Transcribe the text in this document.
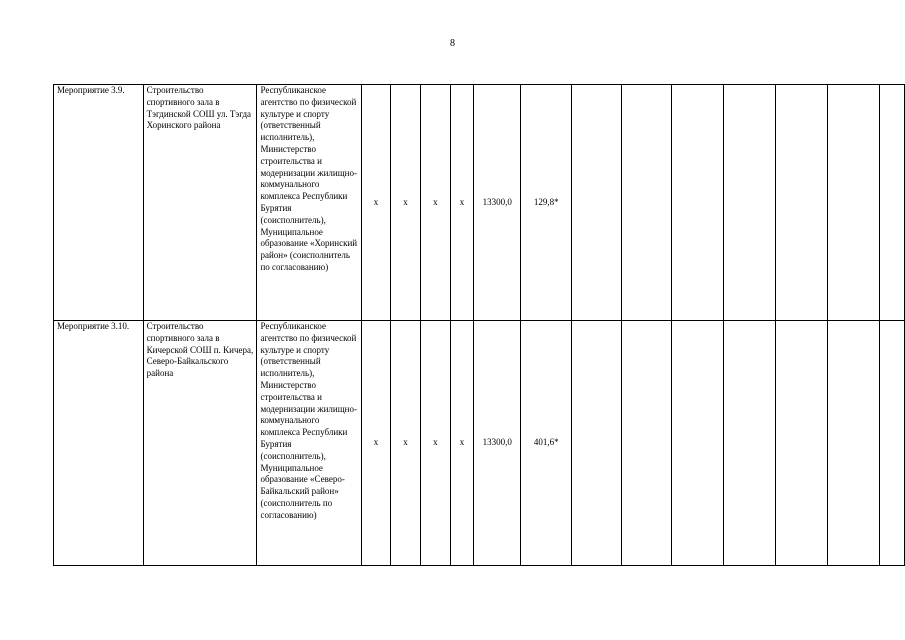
8
Мероприятие 3.9.	Строительство спортивного зала в Тэгдинской СОШ ул. Тэгда Хоринского района	Республиканское агентство по физической культуре и спорту (ответственный исполнитель), Министерство строительства и модернизации жилищно-коммунального комплекса Республики Бурятия (соисполнитель), Муниципальное образование «Хоринский район» (соисполнитель по согласованию)	х	х	х	х	13300,0	129,8*							
Мероприятие 3.10.	Строительство спортивного зала в Кичерской СОШ п. Кичера, Северо-Байкальского района	Республиканское агентство по физической культуре и спорту (ответственный исполнитель), Министерство строительства и модернизации жилищно-коммунального комплекса Республики Бурятия (соисполнитель), Муниципальное образование «Северо-Байкальский район» (соисполнитель по согласованию)	х	х	х	х	13300,0	401,6*							
